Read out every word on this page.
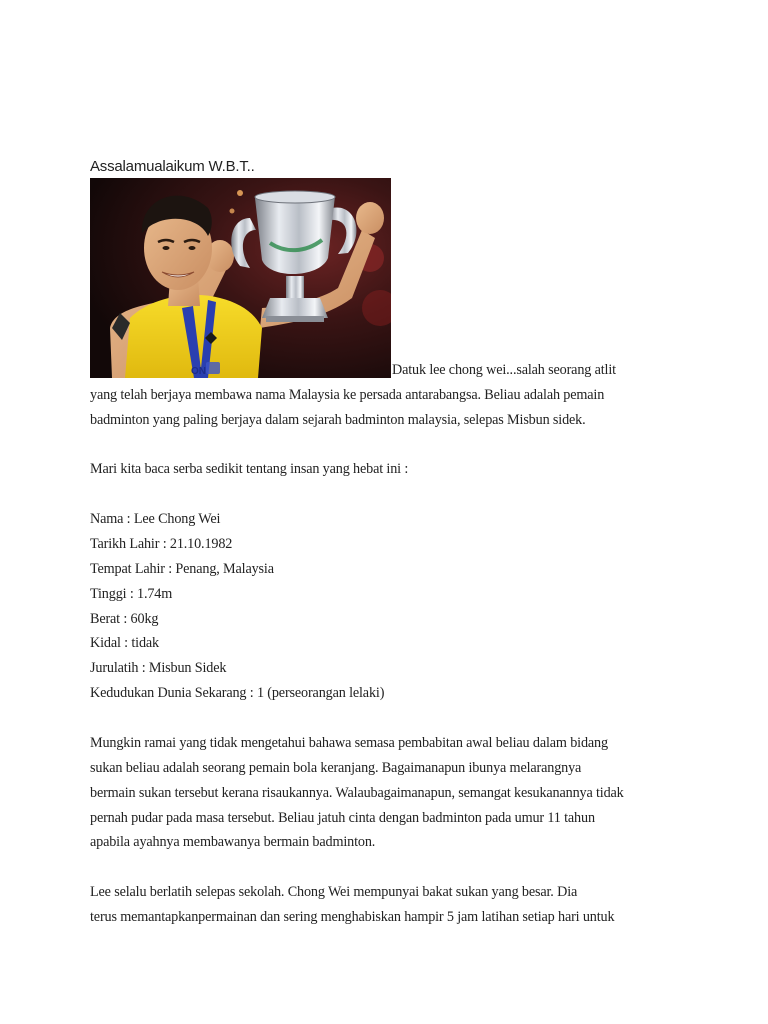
Assalamualaikum W.B.T..
ON	Datuk lee chong wei...salah seorang atlit
yang telah berjaya membawa nama Malaysia ke persada antarabangsa. Beliau adalah pemain
badminton yang paling berjaya dalam sejarah badminton malaysia, selepas Misbun sidek.
Mari kita baca serba sedikit tentang insan yang hebat ini :
Nama : Lee Chong Wei
Tarikh Lahir : 21.10.1982
Tempat Lahir : Penang, Malaysia
Tinggi : 1.74m
Berat : 60kg
Kidal : tidak
Jurulatih : Misbun Sidek
Kedudukan Dunia Sekarang : 1 (perseorangan lelaki)
Mungkin ramai yang tidak mengetahui bahawa semasa pembabitan awal beliau dalam bidang
sukan beliau adalah seorang pemain bola keranjang. Bagaimanapun ibunya melarangnya
bermain sukan tersebut kerana risaukannya. Walaubagaimanapun, semangat kesukanannya tidak
pernah pudar pada masa tersebut. Beliau jatuh cinta dengan badminton pada umur 11 tahun
apabila ayahnya membawanya bermain badminton.
Lee selalu berlatih selepas sekolah. Chong Wei mempunyai bakat sukan yang besar. Dia
terus memantapkanpermainan dan sering menghabiskan hampir 5 jam latihan setiap hari untuk
